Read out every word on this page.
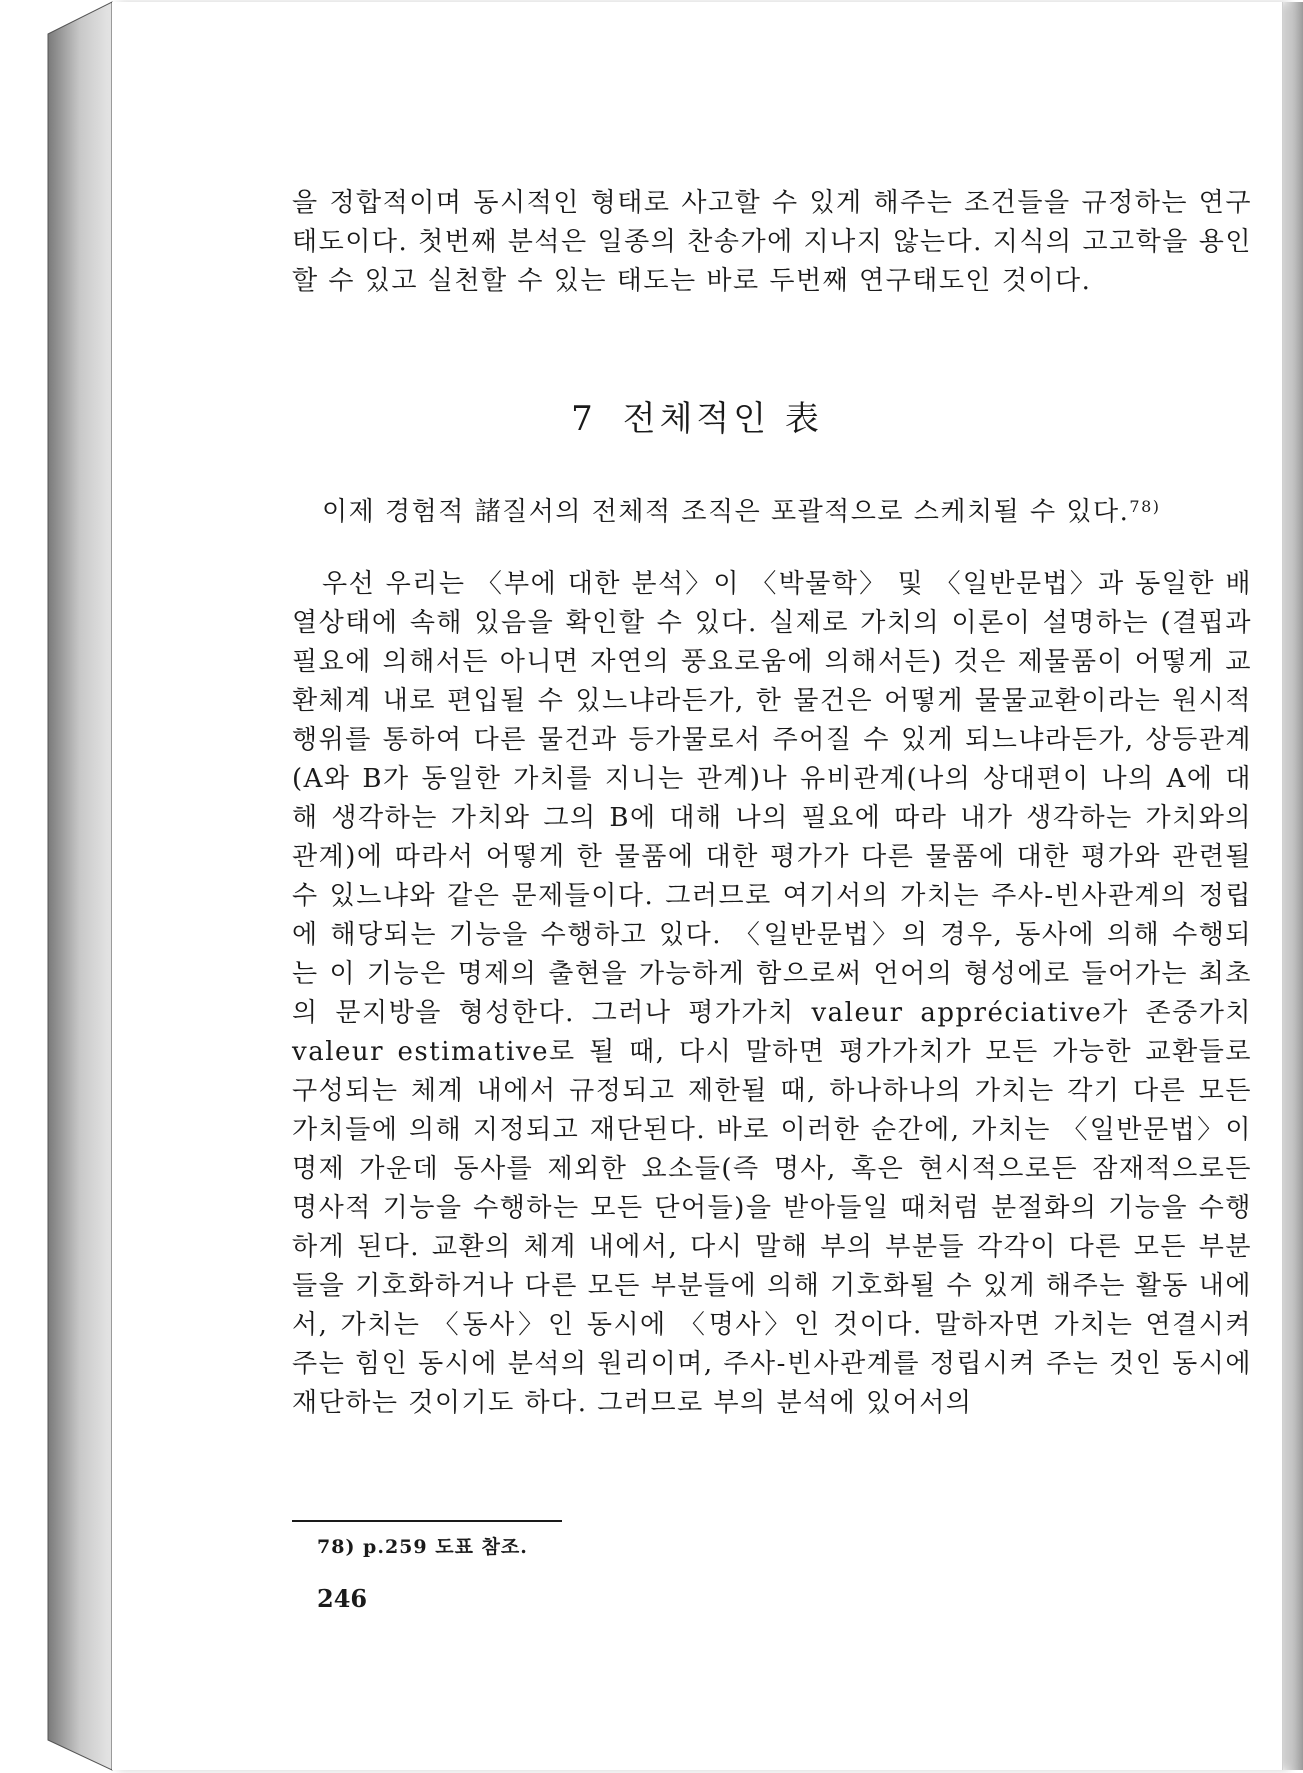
을 정합적이며 동시적인 형태로 사고할 수 있게 해주는 조건들을 규정하는 연구태도이다. 첫번째 분석은 일종의 찬송가에 지나지 않는다. 지식의 고고학을 용인할 수 있고 실천할 수 있는 태도는 바로 두번째 연구태도인 것이다.
7 전체적인 表
이제 경험적 諸질서의 전체적 조직은 포괄적으로 스케치될 수 있다.$^{78)}$
우선 우리는 〈부에 대한 분석〉이 〈박물학〉 및 〈일반문법〉과 동일한 배열상태에 속해 있음을 확인할 수 있다. 실제로 가치의 이론이 설명하는 (결핍과 필요에 의해서든 아니면 자연의 풍요로움에 의해서든) 것은 제물품이 어떻게 교환체계 내로 편입될 수 있느냐라든가, 한 물건은 어떻게 물물교환이라는 원시적 행위를 통하여 다른 물건과 등가물로서 주어질 수 있게 되느냐라든가, 상등관계(A와 B가 동일한 가치를 지니는 관계)나 유비관계(나의 상대편이 나의 A에 대해 생각하는 가치와 그의 B에 대해 나의 필요에 따라 내가 생각하는 가치와의 관계)에 따라서 어떻게 한 물품에 대한 평가가 다른 물품에 대한 평가와 관련될 수 있느냐와 같은 문제들이다. 그러므로 여기서의 가치는 주사-빈사관계의 정립에 해당되는 기능을 수행하고 있다. 〈일반문법〉의 경우, 동사에 의해 수행되는 이 기능은 명제의 출현을 가능하게 함으로써 언어의 형성에로 들어가는 최초의 문지방을 형성한다. 그러나 평가가치 valeur appréciative가 존중가치 valeur estimative로 될 때, 다시 말하면 평가가치가 모든 가능한 교환들로 구성되는 체계 내에서 규정되고 제한될 때, 하나하나의 가치는 각기 다른 모든 가치들에 의해 지정되고 재단된다. 바로 이러한 순간에, 가치는 〈일반문법〉이 명제 가운데 동사를 제외한 요소들(즉 명사, 혹은 현시적으로든 잠재적으로든 명사적 기능을 수행하는 모든 단어들)을 받아들일 때처럼 분절화의 기능을 수행하게 된다. 교환의 체계 내에서, 다시 말해 부의 부분들 각각이 다른 모든 부분들을 기호화하거나 다른 모든 부분들에 의해 기호화될 수 있게 해주는 활동 내에서, 가치는 〈동사〉인 동시에 〈명사〉인 것이다. 말하자면 가치는 연결시켜 주는 힘인 동시에 분석의 원리이며, 주사-빈사관계를 정립시켜 주는 것인 동시에 재단하는 것이기도 하다. 그러므로 부의 분석에 있어서의
78) p.259 도표 참조.
246
